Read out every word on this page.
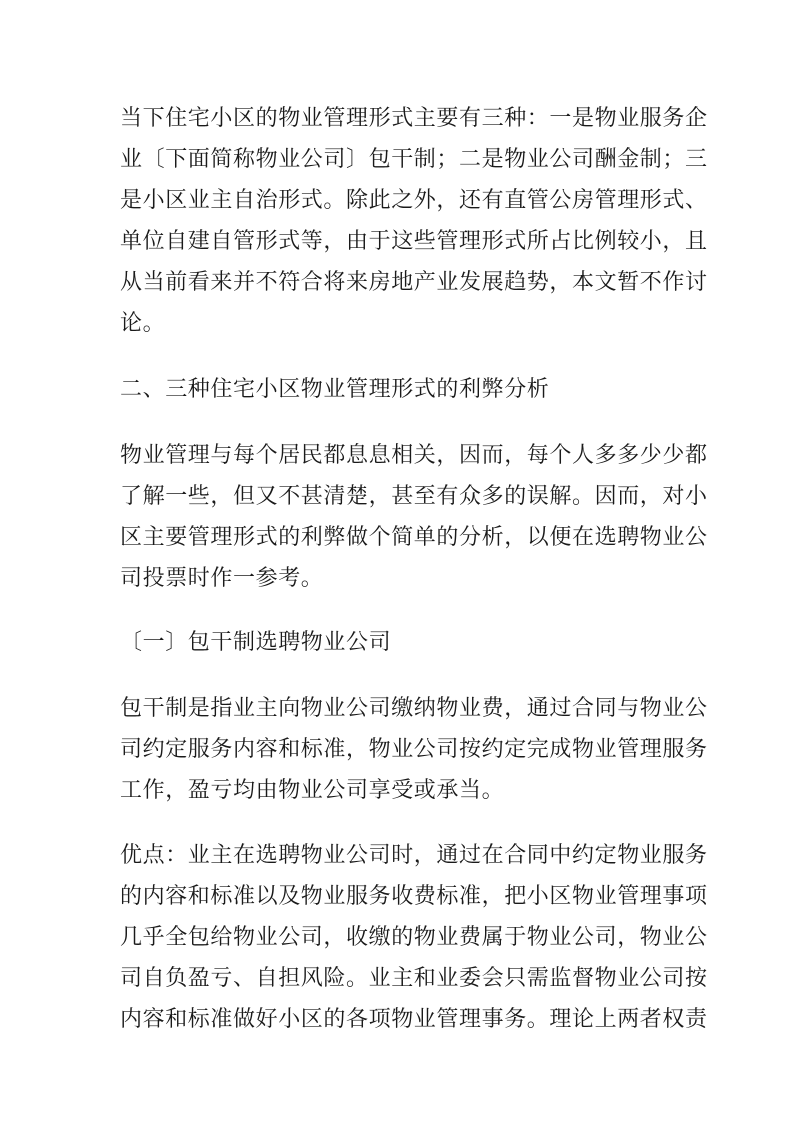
当下住宅小区的物业管理形式主要有三种：一是物业服务企
业〔下面简称物业公司〕包干制；二是物业公司酬金制；三
是小区业主自治形式。除此之外，还有直管公房管理形式、
单位自建自管形式等，由于这些管理形式所占比例较小，且
从当前看来并不符合将来房地产业发展趋势，本文暂不作讨
论。
二、三种住宅小区物业管理形式的利弊分析
物业管理与每个居民都息息相关，因而，每个人多多少少都
了解一些，但又不甚清楚，甚至有众多的误解。因而，对小
区主要管理形式的利弊做个简单的分析，以便在选聘物业公
司投票时作一参考。
〔一〕包干制选聘物业公司
包干制是指业主向物业公司缴纳物业费，通过合同与物业公
司约定服务内容和标准，物业公司按约定完成物业管理服务
工作，盈亏均由物业公司享受或承当。
优点：业主在选聘物业公司时，通过在合同中约定物业服务
的内容和标准以及物业服务收费标准，把小区物业管理事项
几乎全包给物业公司，收缴的物业费属于物业公司，物业公
司自负盈亏、自担风险。业主和业委会只需监督物业公司按
内容和标准做好小区的各项物业管理事务。理论上两者权责
